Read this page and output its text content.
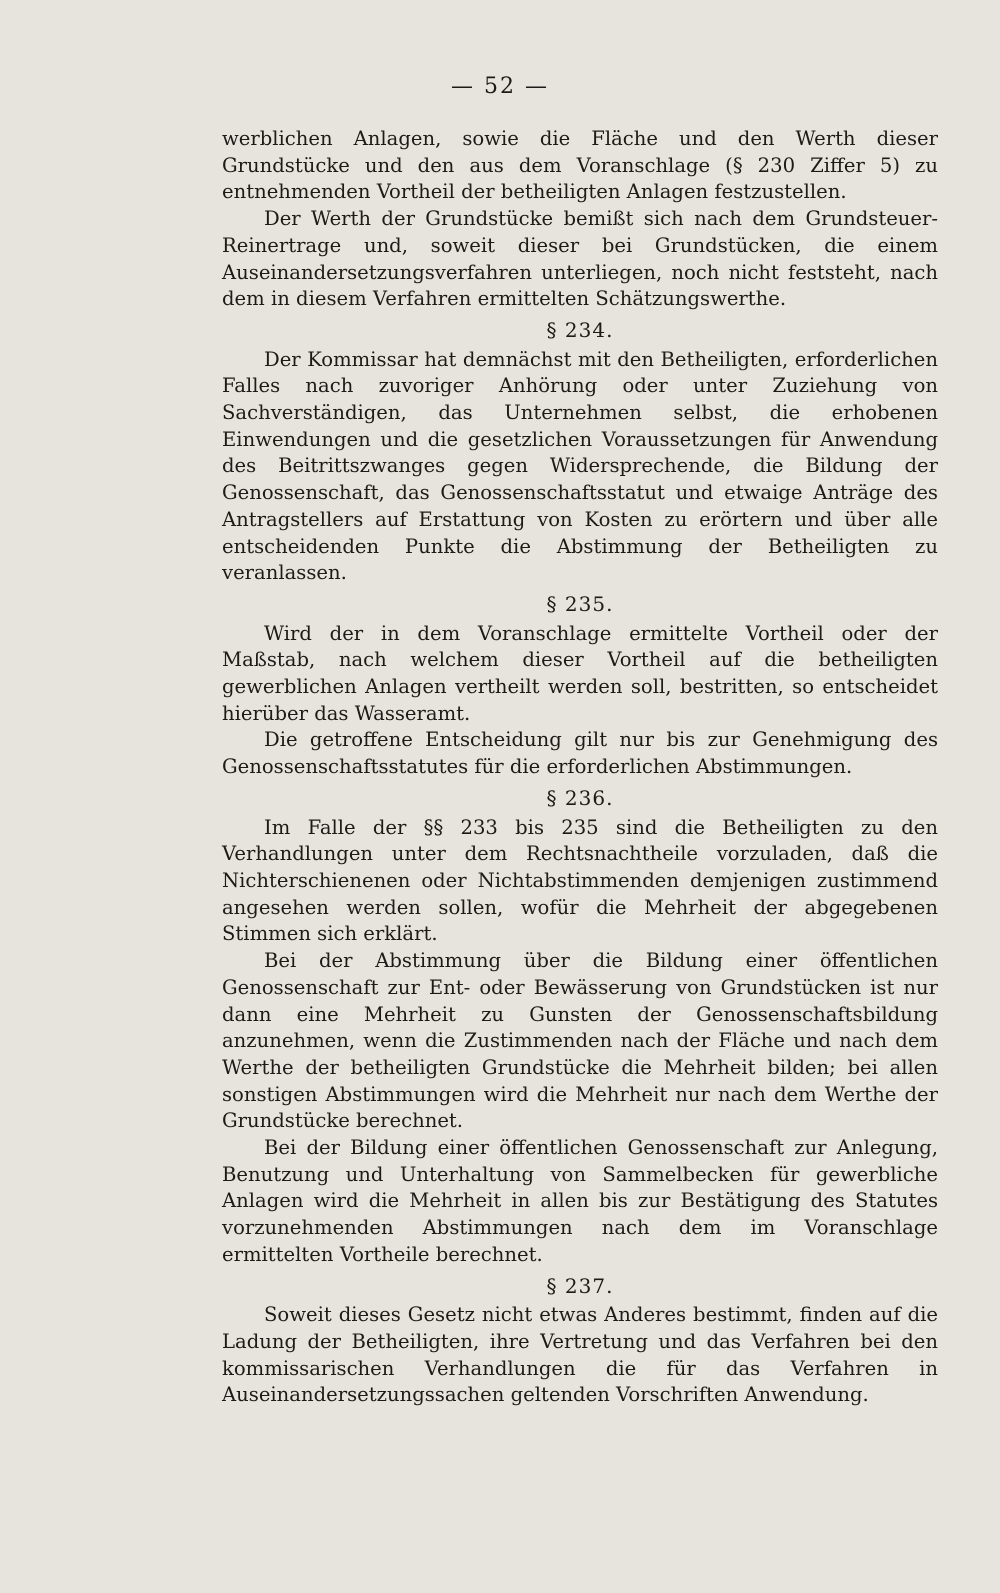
— 52 —

werblichen Anlagen, sowie die Fläche und den Werth dieser Grundstücke und den aus dem Voranschlage (§ 230 Ziffer 5) zu entnehmenden Vortheil der betheiligten Anlagen festzustellen.

Der Werth der Grundstücke bemißt sich nach dem Grundsteuer-Reinertrage und, soweit dieser bei Grundstücken, die einem Auseinandersetzungsverfahren unterliegen, noch nicht feststeht, nach dem in diesem Verfahren ermittelten Schätzungswerthe.

§ 234.

Der Kommissar hat demnächst mit den Betheiligten, erforderlichen Falles nach zuvoriger Anhörung oder unter Zuziehung von Sachverständigen, das Unternehmen selbst, die erhobenen Einwendungen und die gesetzlichen Voraussetzungen für Anwendung des Beitrittszwanges gegen Widersprechende, die Bildung der Genossenschaft, das Genossenschaftsstatut und etwaige Anträge des Antragstellers auf Erstattung von Kosten zu erörtern und über alle entscheidenden Punkte die Abstimmung der Betheiligten zu veranlassen.

§ 235.

Wird der in dem Voranschlage ermittelte Vortheil oder der Maßstab, nach welchem dieser Vortheil auf die betheiligten gewerblichen Anlagen vertheilt werden soll, bestritten, so entscheidet hierüber das Wasseramt.

Die getroffene Entscheidung gilt nur bis zur Genehmigung des Genossenschaftsstatutes für die erforderlichen Abstimmungen.

§ 236.

Im Falle der §§ 233 bis 235 sind die Betheiligten zu den Verhandlungen unter dem Rechtsnachtheile vorzuladen, daß die Nichterschienenen oder Nichtabstimmenden demjenigen zustimmend angesehen werden sollen, wofür die Mehrheit der abgegebenen Stimmen sich erklärt.

Bei der Abstimmung über die Bildung einer öffentlichen Genossenschaft zur Ent- oder Bewässerung von Grundstücken ist nur dann eine Mehrheit zu Gunsten der Genossenschaftsbildung anzunehmen, wenn die Zustimmenden nach der Fläche und nach dem Werthe der betheiligten Grundstücke die Mehrheit bilden; bei allen sonstigen Abstimmungen wird die Mehrheit nur nach dem Werthe der Grundstücke berechnet.

Bei der Bildung einer öffentlichen Genossenschaft zur Anlegung, Benutzung und Unterhaltung von Sammelbecken für gewerbliche Anlagen wird die Mehrheit in allen bis zur Bestätigung des Statutes vorzunehmenden Abstimmungen nach dem im Voranschlage ermittelten Vortheile berechnet.

§ 237.

Soweit dieses Gesetz nicht etwas Anderes bestimmt, finden auf die Ladung der Betheiligten, ihre Vertretung und das Verfahren bei den kommissarischen Verhandlungen die für das Verfahren in Auseinandersetzungssachen geltenden Vorschriften Anwendung.
